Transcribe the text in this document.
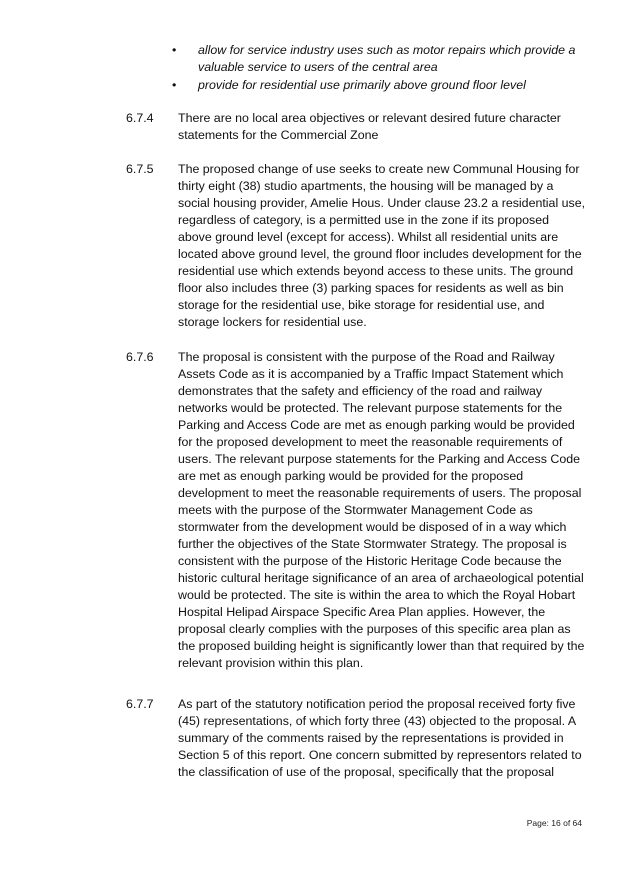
• allow for service industry uses such as motor repairs which provide a valuable service to users of the central area
• provide for residential use primarily above ground floor level
6.7.4	There are no local area objectives or relevant desired future character statements for the Commercial Zone
6.7.5	The proposed change of use seeks to create new Communal Housing for thirty eight (38) studio apartments, the housing will be managed by a social housing provider, Amelie Hous. Under clause 23.2 a residential use, regardless of category, is a permitted use in the zone if its proposed above ground level (except for access). Whilst all residential units are located above ground level, the ground floor includes development for the residential use which extends beyond access to these units. The ground floor also includes three (3) parking spaces for residents as well as bin storage for the residential use, bike storage for residential use, and storage lockers for residential use.
6.7.6	The proposal is consistent with the purpose of the Road and Railway Assets Code as it is accompanied by a Traffic Impact Statement which demonstrates that the safety and efficiency of the road and railway networks would be protected. The relevant purpose statements for the Parking and Access Code are met as enough parking would be provided for the proposed development to meet the reasonable requirements of users. The relevant purpose statements for the Parking and Access Code are met as enough parking would be provided for the proposed development to meet the reasonable requirements of users. The proposal meets with the purpose of the Stormwater Management Code as stormwater from the development would be disposed of in a way which further the objectives of the State Stormwater Strategy. The proposal is consistent with the purpose of the Historic Heritage Code because the historic cultural heritage significance of an area of archaeological potential would be protected. The site is within the area to which the Royal Hobart Hospital Helipad Airspace Specific Area Plan applies. However, the proposal clearly complies with the purposes of this specific area plan as the proposed building height is significantly lower than that required by the relevant provision within this plan.
6.7.7	As part of the statutory notification period the proposal received forty five (45) representations, of which forty three (43) objected to the proposal. A summary of the comments raised by the representations is provided in Section 5 of this report. One concern submitted by representors related to the classification of use of the proposal, specifically that the proposal
Page: 16 of 64
